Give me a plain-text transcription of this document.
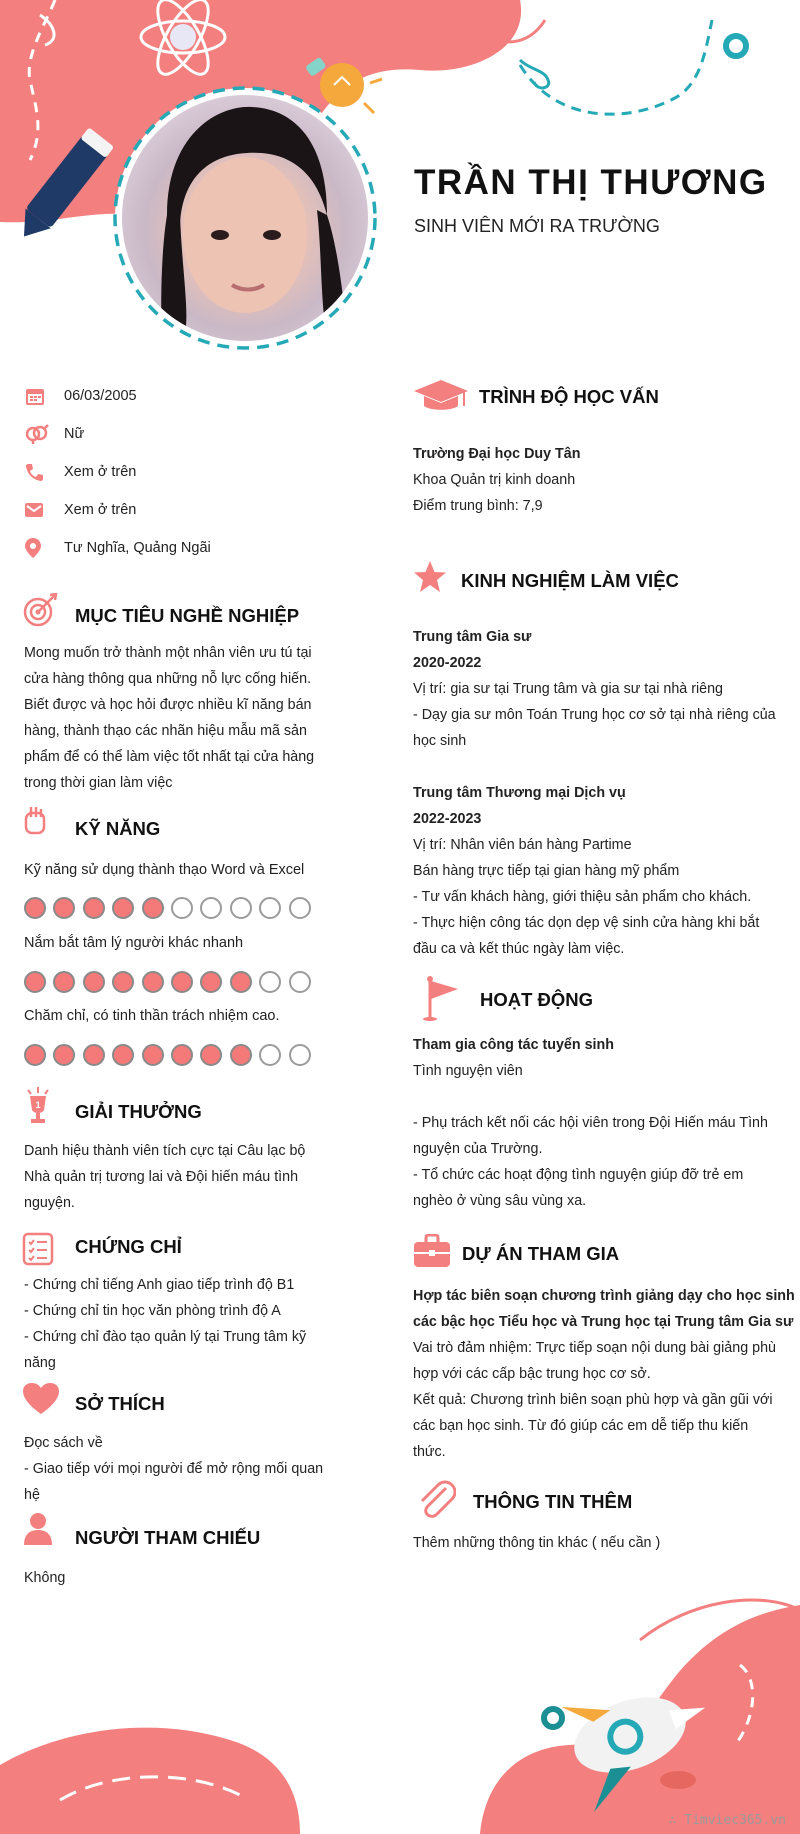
TRẦN THỊ THƯƠNG
SINH VIÊN MỚI RA TRƯỜNG
06/03/2005
Nữ
Xem ở trên
Xem ở trên
Tư Nghĩa, Quảng Ngãi
MỤC TIÊU NGHỀ NGHIỆP
Mong muốn trở thành một nhân viên ưu tú tại
cửa hàng thông qua những nỗ lực cống hiến.
Biết được và học hỏi được nhiều kĩ năng bán
hàng, thành thạo các nhãn hiệu mẫu mã sản
phẩm để có thể làm việc tốt nhất tại cửa hàng
trong thời gian làm việc
KỸ NĂNG
Kỹ năng sử dụng thành thạo Word và Excel
Nắm bắt tâm lý người khác nhanh
Chăm chỉ, có tinh thần trách nhiệm cao.
1 GIẢI THƯỞNG
Danh hiệu thành viên tích cực tại Câu lạc bộ
Nhà quản trị tương lai và Đội hiến máu tình
nguyện.
CHỨNG CHỈ
- Chứng chỉ tiếng Anh giao tiếp trình độ B1
- Chứng chỉ tin học văn phòng trình độ A
- Chứng chỉ đào tạo quản lý tại Trung tâm kỹ
năng
SỞ THÍCH
Đọc sách về
- Giao tiếp với mọi người để mở rộng mối quan
hệ
NGƯỜI THAM CHIẾU
Không
TRÌNH ĐỘ HỌC VẤN
Trường Đại học Duy Tân
Khoa Quản trị kinh doanh
Điểm trung bình: 7,9
KINH NGHIỆM LÀM VIỆC
Trung tâm Gia sư
2020-2022
Vị trí: gia sư tại Trung tâm và gia sư tại nhà riêng
- Dạy gia sư môn Toán Trung học cơ sở tại nhà riêng của
học sinh
Trung tâm Thương mại Dịch vụ
2022-2023
Vị trí: Nhân viên bán hàng Partime
Bán hàng trực tiếp tại gian hàng mỹ phẩm
- Tư vấn khách hàng, giới thiệu sản phẩm cho khách.
- Thực hiện công tác dọn dẹp vệ sinh cửa hàng khi bắt
đầu ca và kết thúc ngày làm việc.
HOẠT ĐỘNG
Tham gia công tác tuyển sinh
Tình nguyện viên

- Phụ trách kết nối các hội viên trong Đội Hiến máu Tình
nguyện của Trường.
- Tổ chức các hoạt động tình nguyện giúp đỡ trẻ em
nghèo ở vùng sâu vùng xa.
DỰ ÁN THAM GIA
Hợp tác biên soạn chương trình giảng dạy cho học sinh
các bậc học Tiểu học và Trung học tại Trung tâm Gia sư
Vai trò đảm nhiệm: Trực tiếp soạn nội dung bài giảng phù
hợp với các cấp bậc trung học cơ sở.
Kết quả: Chương trình biên soạn phù hợp và gần gũi với
các bạn học sinh. Từ đó giúp các em dễ tiếp thu kiến
thức.
THÔNG TIN THÊM
Thêm những thông tin khác ( nếu cần )
∴ Timviec365.vn
